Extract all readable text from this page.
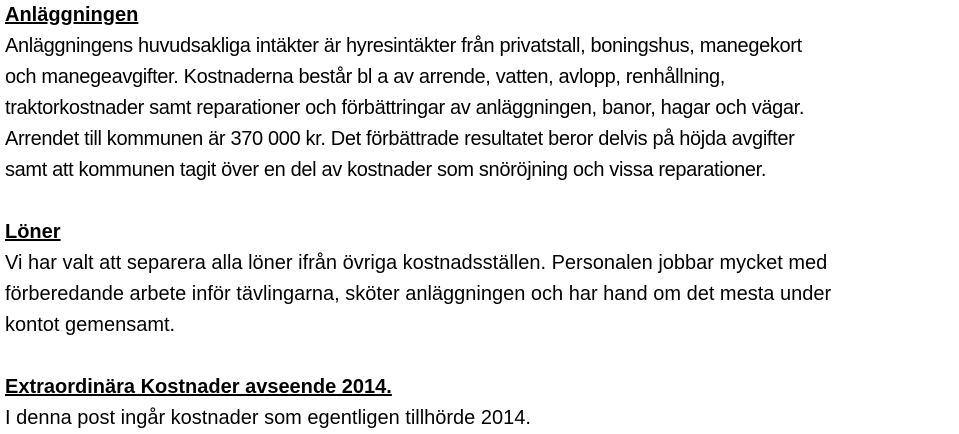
Anläggningen
Anläggningens huvudsakliga intäkter är hyresintäkter från privatstall, boningshus, manegekort
och manegeavgifter. Kostnaderna består bl a av arrende, vatten, avlopp, renhållning,
traktorkostnader samt reparationer och förbättringar av anläggningen, banor, hagar och vägar.
Arrendet till kommunen är 370 000 kr. Det förbättrade resultatet beror delvis på höjda avgifter
samt att kommunen tagit över en del av kostnader som snöröjning och vissa reparationer.
Löner
Vi har valt att separera alla löner ifrån övriga kostnadsställen. Personalen jobbar mycket med
förberedande arbete inför tävlingarna, sköter anläggningen och har hand om det mesta under
kontot gemensamt.
Extraordinära Kostnader avseende 2014.
I denna post ingår kostnader som egentligen tillhörde 2014.
